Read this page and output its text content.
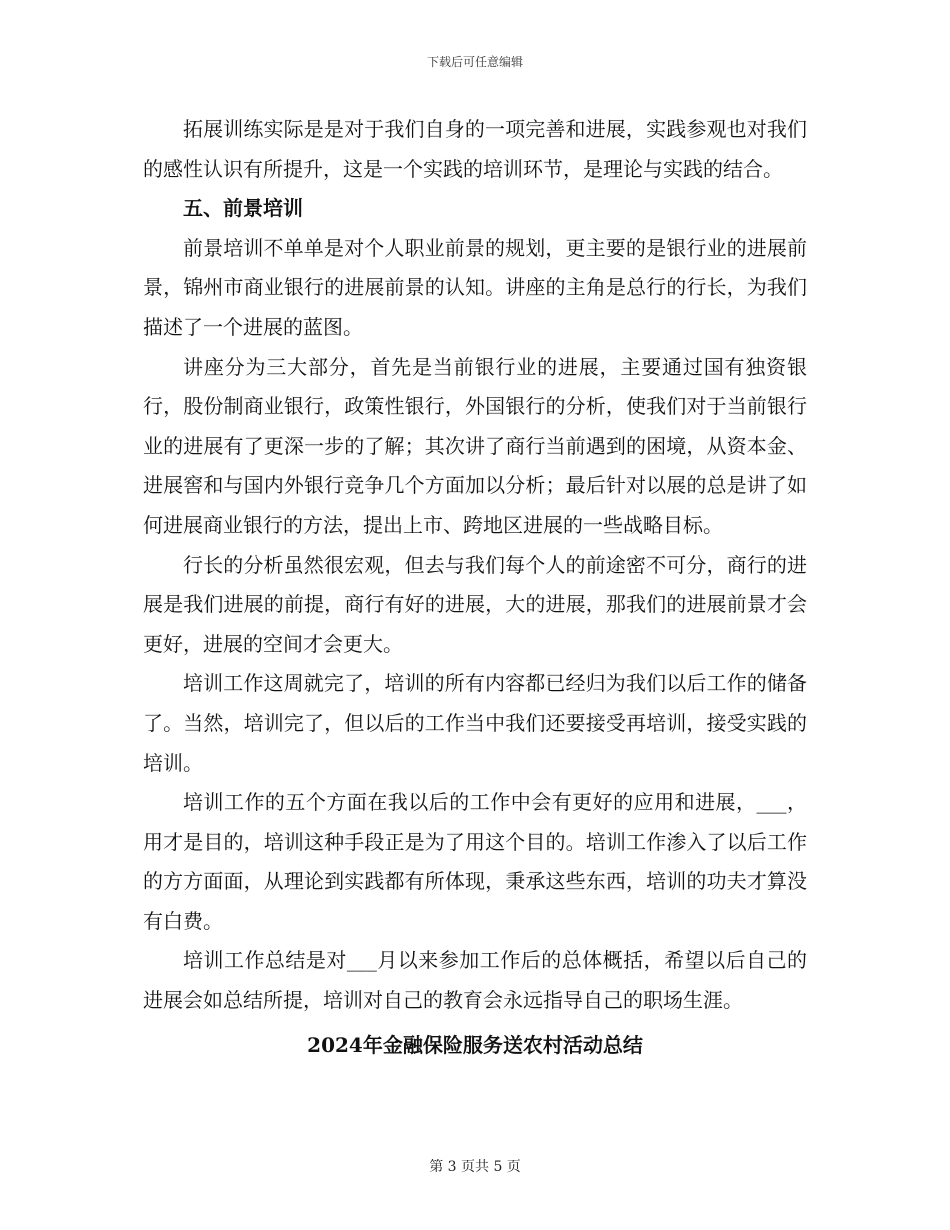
下载后可任意编辑

拓展训练实际是是对于我们自身的一项完善和进展，实践参观也对我们的感性认识有所提升，这是一个实践的培训环节，是理论与实践的结合。

五、前景培训

前景培训不单单是对个人职业前景的规划，更主要的是银行业的进展前景，锦州市商业银行的进展前景的认知。讲座的主角是总行的行长，为我们描述了一个进展的蓝图。

讲座分为三大部分，首先是当前银行业的进展，主要通过国有独资银行，股份制商业银行，政策性银行，外国银行的分析，使我们对于当前银行业的进展有了更深一步的了解；其次讲了商行当前遇到的困境，从资本金、进展窖和与国内外银行竞争几个方面加以分析；最后针对以展的总是讲了如何进展商业银行的方法，提出上市、跨地区进展的一些战略目标。

行长的分析虽然很宏观，但去与我们每个人的前途密不可分，商行的进展是我们进展的前提，商行有好的进展，大的进展，那我们的进展前景才会更好，进展的空间才会更大。

培训工作这周就完了，培训的所有内容都已经归为我们以后工作的储备了。当然，培训完了，但以后的工作当中我们还要接受再培训，接受实践的培训。

培训工作的五个方面在我以后的工作中会有更好的应用和进展，___，用才是目的，培训这种手段正是为了用这个目的。培训工作渗入了以后工作的方方面面，从理论到实践都有所体现，秉承这些东西，培训的功夫才算没有白费。

培训工作总结是对___月以来参加工作后的总体概括，希望以后自己的进展会如总结所提，培训对自己的教育会永远指导自己的职场生涯。

2024年金融保险服务送农村活动总结

第 3 页共 5 页
